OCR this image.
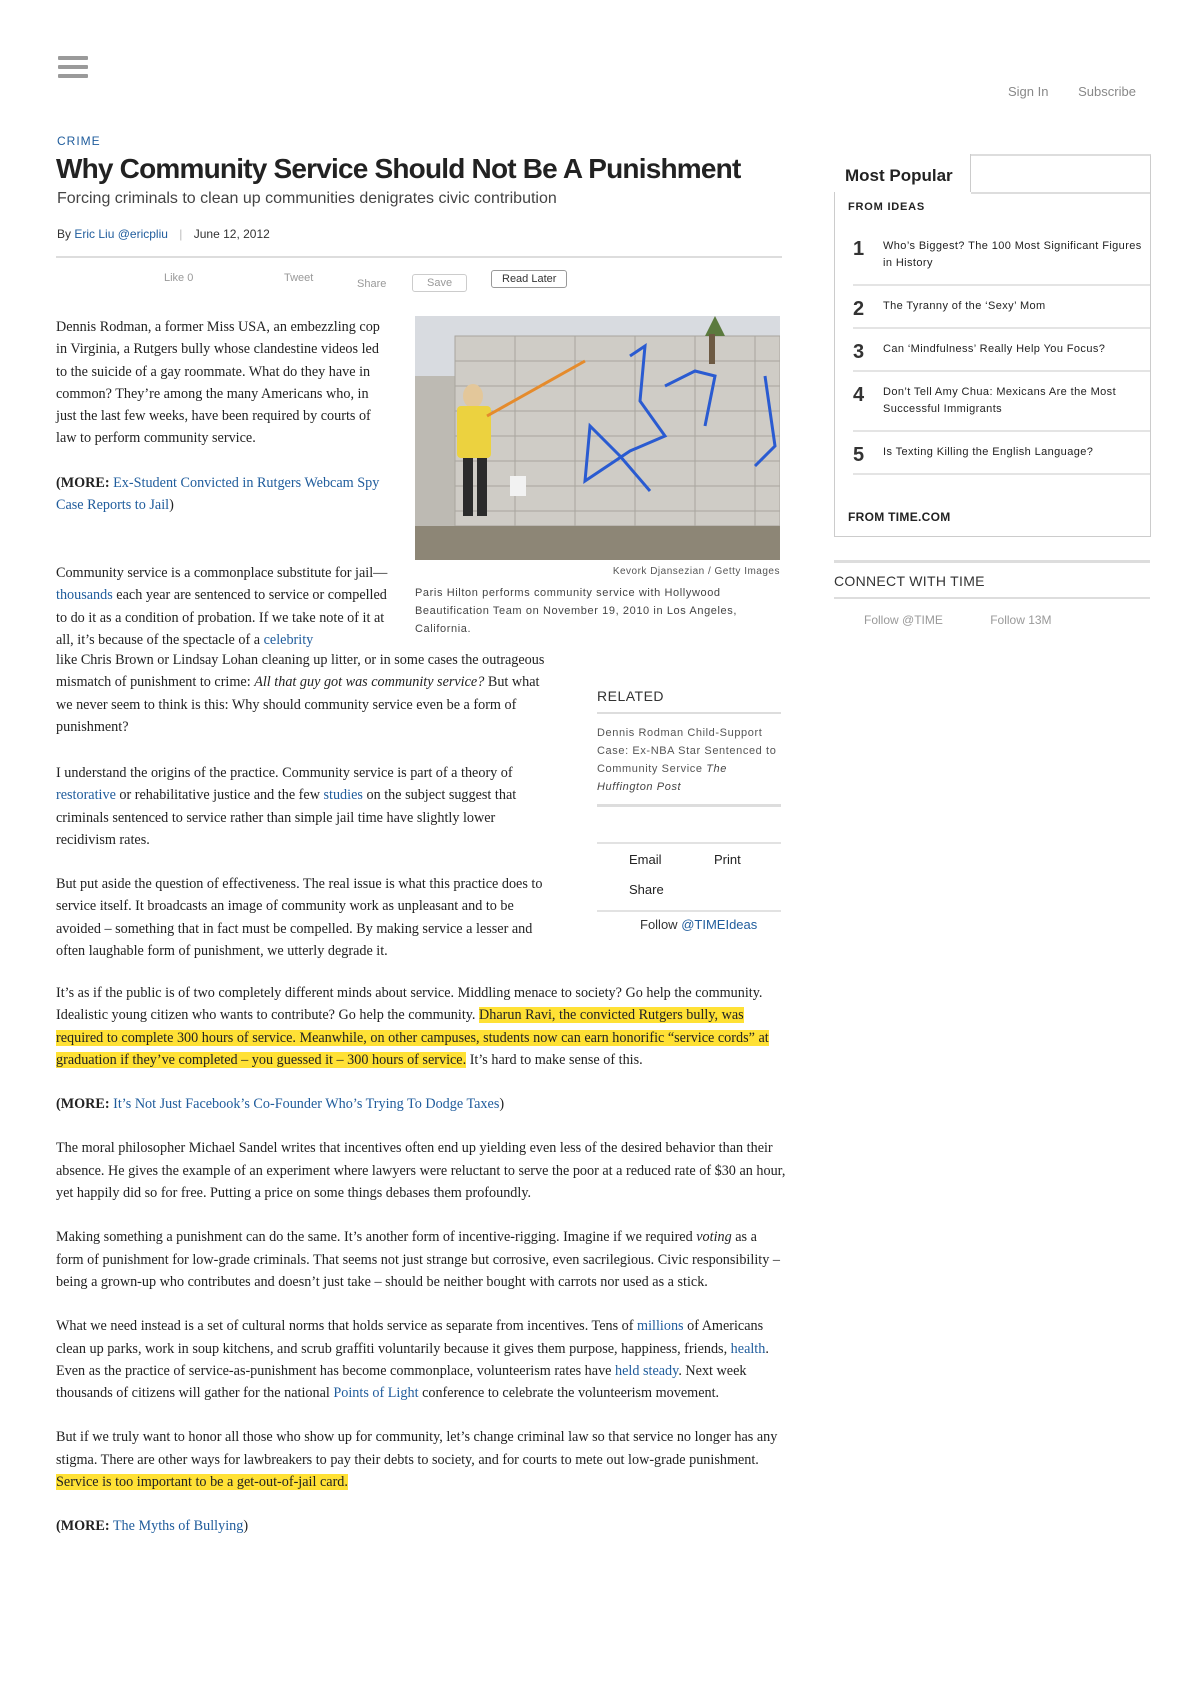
Sign In Subscribe
CRIME
Why Community Service Should Not Be A Punishment
Forcing criminals to clean up communities denigrates civic contribution
By Eric Liu @ericpliu | June 12, 2012
Like 0	Tweet	Share	Save	Read Later

Dennis Rodman, a former Miss USA, an embezzling cop in Virginia, a Rutgers bully whose clandestine videos led to the suicide of a gay roommate. What do they have in common? They’re among the many Americans who, in just the last few weeks, have been required by courts of law to perform community service.

(MORE: Ex-Student Convicted in Rutgers Webcam Spy Case Reports to Jail)

Community service is a commonplace substitute for jail—thousands each year are sentenced to service or compelled to do it as a condition of probation. If we take note of it at all, it’s because of the spectacle of a celebrity
like Chris Brown or Lindsay Lohan cleaning up litter, or in some cases the outrageous mismatch of punishment to crime: All that guy got was community service? But what we never seem to think is this: Why should community service even be a form of punishment?
Kevork Djansezian / Getty Images
Paris Hilton performs community service with Hollywood Beautification Team on November 19, 2010 in Los Angeles, California.
RELATED
Dennis Rodman Child-Support Case: Ex-NBA Star Sentenced to Community Service The Huffington Post
Email	Print
Share
Follow @TIMEIdeas

I understand the origins of the practice. Community service is part of a theory of restorative or rehabilitative justice and the few studies on the subject suggest that criminals sentenced to service rather than simple jail time have slightly lower recidivism rates.

But put aside the question of effectiveness. The real issue is what this practice does to service itself. It broadcasts an image of community work as unpleasant and to be avoided – something that in fact must be compelled. By making service a lesser and often laughable form of punishment, we utterly degrade it.

It’s as if the public is of two completely different minds about service. Middling menace to society? Go help the community. Idealistic young citizen who wants to contribute? Go help the community. Dharun Ravi, the convicted Rutgers bully, was required to complete 300 hours of service. Meanwhile, on other campuses, students now can earn honorific “service cords” at graduation if they’ve completed – you guessed it – 300 hours of service. It’s hard to make sense of this.

(MORE: It’s Not Just Facebook’s Co-Founder Who’s Trying To Dodge Taxes)

The moral philosopher Michael Sandel writes that incentives often end up yielding even less of the desired behavior than their absence. He gives the example of an experiment where lawyers were reluctant to serve the poor at a reduced rate of $30 an hour, yet happily did so for free. Putting a price on some things debases them profoundly.

Making something a punishment can do the same. It’s another form of incentive-rigging. Imagine if we required voting as a form of punishment for low-grade criminals. That seems not just strange but corrosive, even sacrilegious. Civic responsibility – being a grown-up who contributes and doesn’t just take – should be neither bought with carrots nor used as a stick.

What we need instead is a set of cultural norms that holds service as separate from incentives. Tens of millions of Americans clean up parks, work in soup kitchens, and scrub graffiti voluntarily because it gives them purpose, happiness, friends, health. Even as the practice of service-as-punishment has become commonplace, volunteerism rates have held steady. Next week thousands of citizens will gather for the national Points of Light conference to celebrate the volunteerism movement.

But if we truly want to honor all those who show up for community, let’s change criminal law so that service no longer has any stigma. There are other ways for lawbreakers to pay their debts to society, and for courts to mete out low-grade punishment. Service is too important to be a get-out-of-jail card.

(MORE: The Myths of Bullying)

Most Popular
FROM IDEAS
1 Who’s Biggest? The 100 Most Significant Figures in History
2 The Tyranny of the ‘Sexy’ Mom
3 Can ‘Mindfulness’ Really Help You Focus?
4 Don’t Tell Amy Chua: Mexicans Are the Most Successful Immigrants
5 Is Texting Killing the English Language?
FROM TIME.COM
CONNECT WITH TIME
Follow @TIME	Follow 13M
